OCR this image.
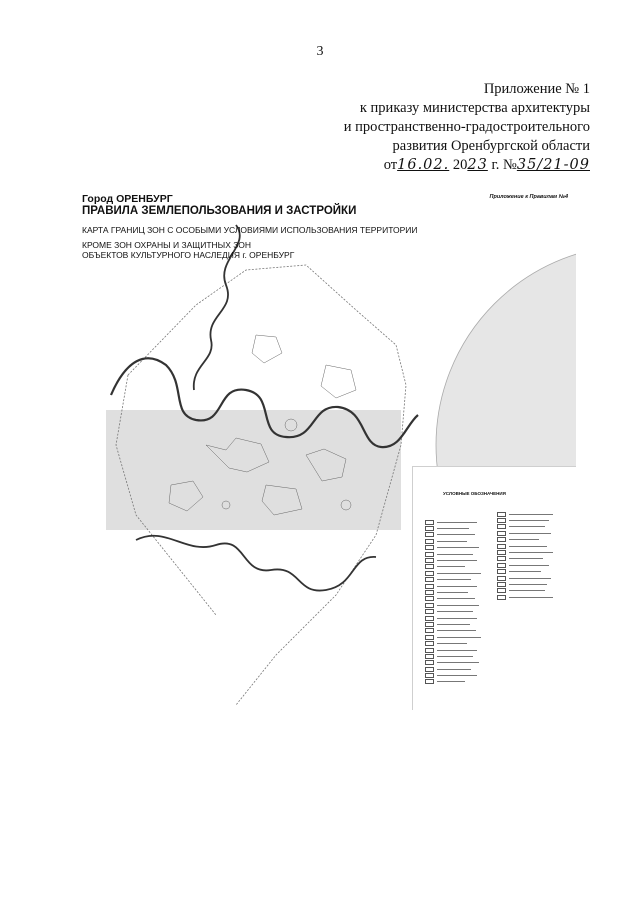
3
Приложение № 1
к приказу министерства архитектуры
и пространственно-градостроительного
развития Оренбургской области
от16.02. 2023 г. №35/21-09
Город ОРЕНБУРГ
ПРАВИЛА ЗЕМЛЕПОЛЬЗОВАНИЯ И ЗАСТРОЙКИ
КАРТА ГРАНИЦ ЗОН С ОСОБЫМИ УСЛОВИЯМИ ИСПОЛЬЗОВАНИЯ ТЕРРИТОРИИ
КРОМЕ ЗОН ОХРАНЫ И ЗАЩИТНЫХ ЗОН
ОБЪЕКТОВ КУЛЬТУРНОГО НАСЛЕДИЯ г. ОРЕНБУРГ
Приложение к Правилам №4
УСЛОВНЫЕ ОБОЗНАЧЕНИЯ
